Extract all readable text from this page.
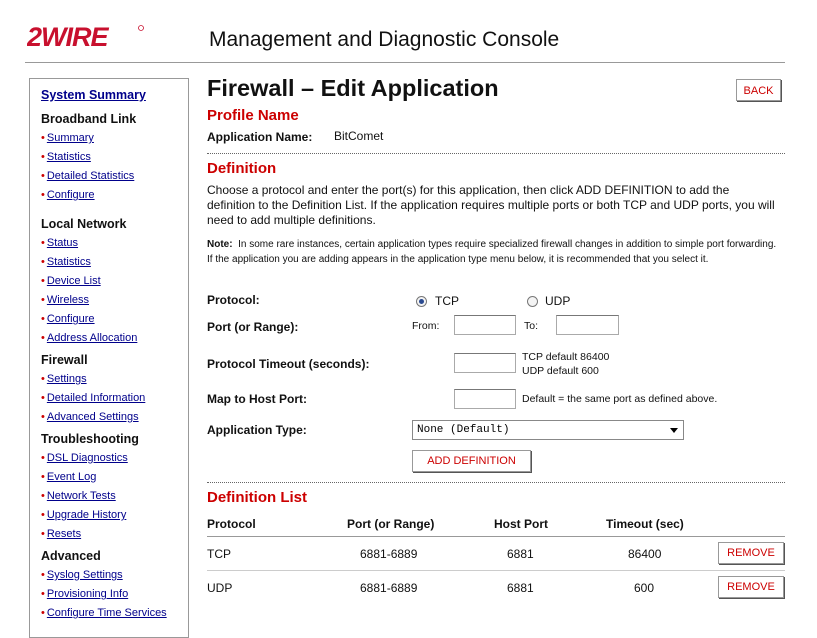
2WIRE	Management and Diagnostic Console
System Summary
Broadband Link
• Summary
• Statistics
• Detailed Statistics
• Configure
Local Network
• Status
• Statistics
• Device List
• Wireless
• Configure
• Address Allocation
Firewall
• Settings
• Detailed Information
• Advanced Settings
Troubleshooting
• DSL Diagnostics
• Event Log
• Network Tests
• Upgrade History
• Resets
Advanced
• Syslog Settings
• Provisioning Info
• Configure Time Services
Firewall – Edit Application	BACK
Profile Name
Application Name: BitComet
Definition
Choose a protocol and enter the port(s) for this application, then click ADD DEFINITION to add the definition to the Definition List. If the application requires multiple ports or both TCP and UDP ports, you will need to add multiple definitions.
Note: In some rare instances, certain application types require specialized firewall changes in addition to simple port forwarding. If the application you are adding appears in the application type menu below, it is recommended that you select it.
Protocol:	TCP	UDP
Port (or Range):	From:	To:
Protocol Timeout (seconds):	TCP default 86400
UDP default 600
Map to Host Port:	Default = the same port as defined above.
Application Type:	None (Default)
ADD DEFINITION
Definition List
Protocol	Port (or Range)	Host Port	Timeout (sec)
TCP	6881-6889	6881	86400	REMOVE
UDP	6881-6889	6881	600	REMOVE
